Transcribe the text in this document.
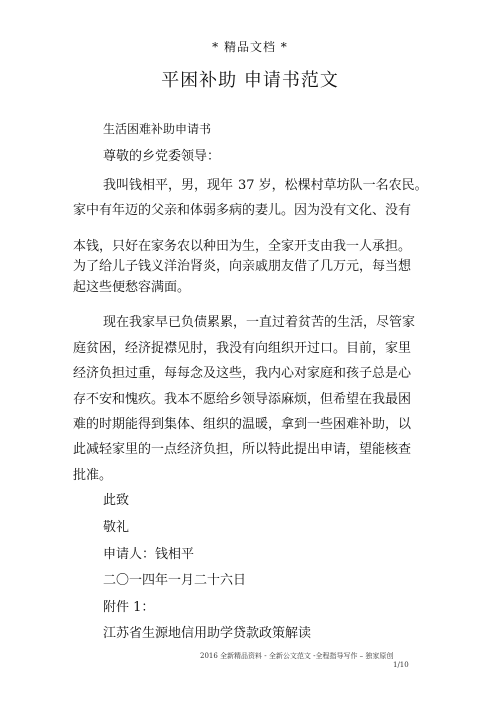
* 精品文档 *
平困补助 申请书范文
生活困难补助申请书
尊敬的乡党委领导：
我叫钱相平，男，现年 37 岁，松棵村草坊队一名农民。
家中有年迈的父亲和体弱多病的妻儿。因为没有文化、没有
本钱，只好在家务农以种田为生，全家开支由我一人承担。
为了给儿子钱义洋治肾炎，向亲戚朋友借了几万元，每当想
起这些便愁容满面。
现在我家早已负债累累，一直过着贫苦的生活，尽管家
庭贫困，经济捉襟见肘，我没有向组织开过口。目前，家里
经济负担过重，每每念及这些，我内心对家庭和孩子总是心
存不安和愧疚。我本不愿给乡领导添麻烦，但希望在我最困
难的时期能得到集体、组织的温暖，拿到一些困难补助，以
此减轻家里的一点经济负担，所以特此提出申请，望能核查
批准。
此致
敬礼
申请人：钱相平
二〇一四年一月二十六日
附件 1：
江苏省生源地信用助学贷款政策解读
2016 全新精品资料 - 全新公文范文 -全程指导写作 – 独家原创
1/10
